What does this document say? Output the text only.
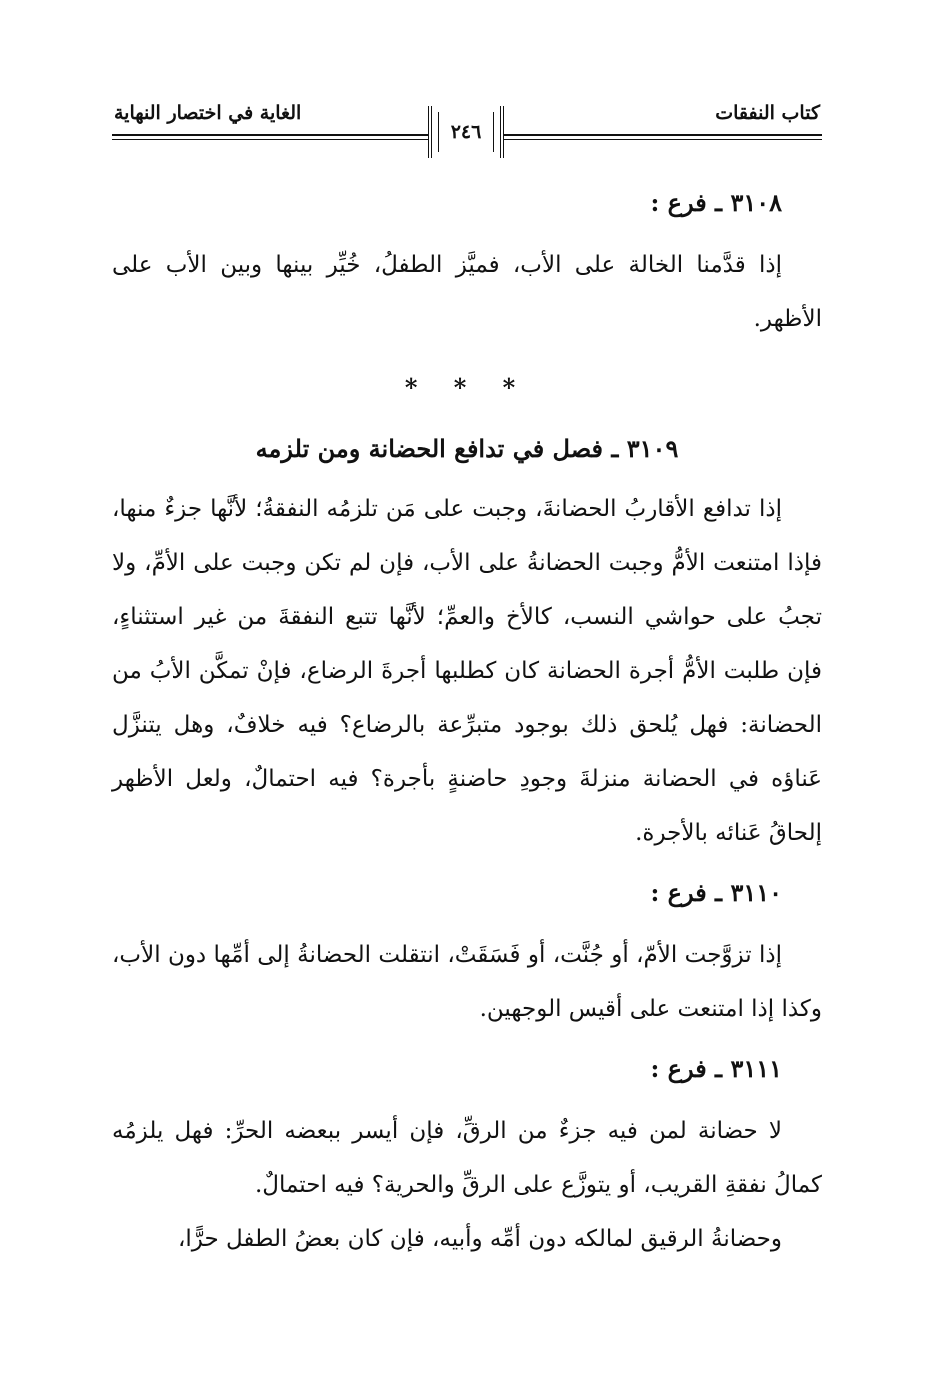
كتاب النفقات
الغاية في اختصار النهاية
٢٤٦
٣١٠٨ ـ فرع :

إذا قدَّمنا الخالة على الأب، فميَّز الطفلُ، خُيِّر بينها وبين الأب على الأظهر.

* * *
٣١٠٩ ـ فصل في تدافع الحضانة ومن تلزمه

إذا تدافع الأقاربُ الحضانةَ، وجبت على مَن تلزمُه النفقةُ؛ لأنَّها جزءٌ منها، فإذا امتنعت الأمُّ وجبت الحضانةُ على الأب، فإن لم تكن وجبت على الأمِّ، ولا تجبُ على حواشي النسب، كالأخ والعمِّ؛ لأنَّها تتبع النفقةَ من غير استثناءٍ، فإن طلبت الأمُّ أجرة الحضانة كان كطلبها أجرةَ الرضاع، فإنْ تمكَّن الأبُ من الحضانة: فهل يُلحق ذلك بوجود متبرِّعة بالرضاع؟ فيه خلافٌ، وهل يتنزَّل عَناؤه في الحضانة منزلةَ وجودِ حاضنةٍ بأجرة؟ فيه احتمالٌ، ولعل الأظهر إلحاقُ عَنائه بالأجرة.

٣١١٠ ـ فرع :

إذا تزوَّجت الأمّ، أو جُنَّت، أو فَسَقَتْ، انتقلت الحضانةُ إلى أمِّها دون الأب، وكذا إذا امتنعت على أقيس الوجهين.

٣١١١ ـ فرع :

لا حضانة لمن فيه جزءٌ من الرقِّ، فإن أيسر ببعضه الحرِّ: فهل يلزمُه كمالُ نفقةِ القريب، أو يتوزَّع على الرقِّ والحرية؟ فيه احتمالٌ.

وحضانةُ الرقيق لمالكه دون أمِّه وأبيه، فإن كان بعضُ الطفل حرًّا،
